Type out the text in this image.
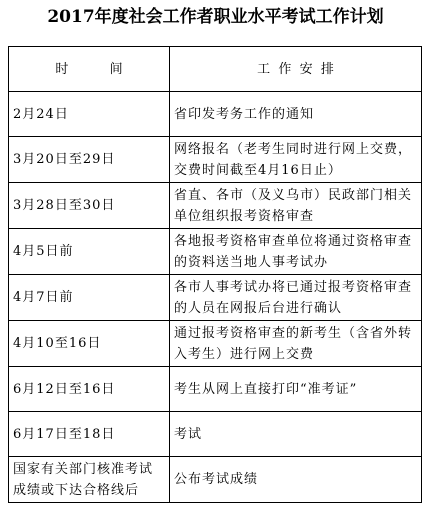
2017年度社会工作者职业水平考试工作计划
时          间	工  作  安  排
2月24日	省印发考务工作的通知
3月20日至29日	网络报名（老考生同时进行网上交费，交费时间截至4月16日止）
3月28日至30日	省直、各市（及义乌市）民政部门相关单位组织报考资格审查
4月5日前	各地报考资格审查单位将通过资格审查的资料送当地人事考试办
4月7日前	各市人事考试办将已通过报考资格审查的人员在网报后台进行确认
4月10至16日	通过报考资格审查的新考生（含省外转入考生）进行网上交费
6月12日至16日	考生从网上直接打印“准考证”
6月17日至18日	考试
国家有关部门核准考试成绩或下达合格线后	公布考试成绩
